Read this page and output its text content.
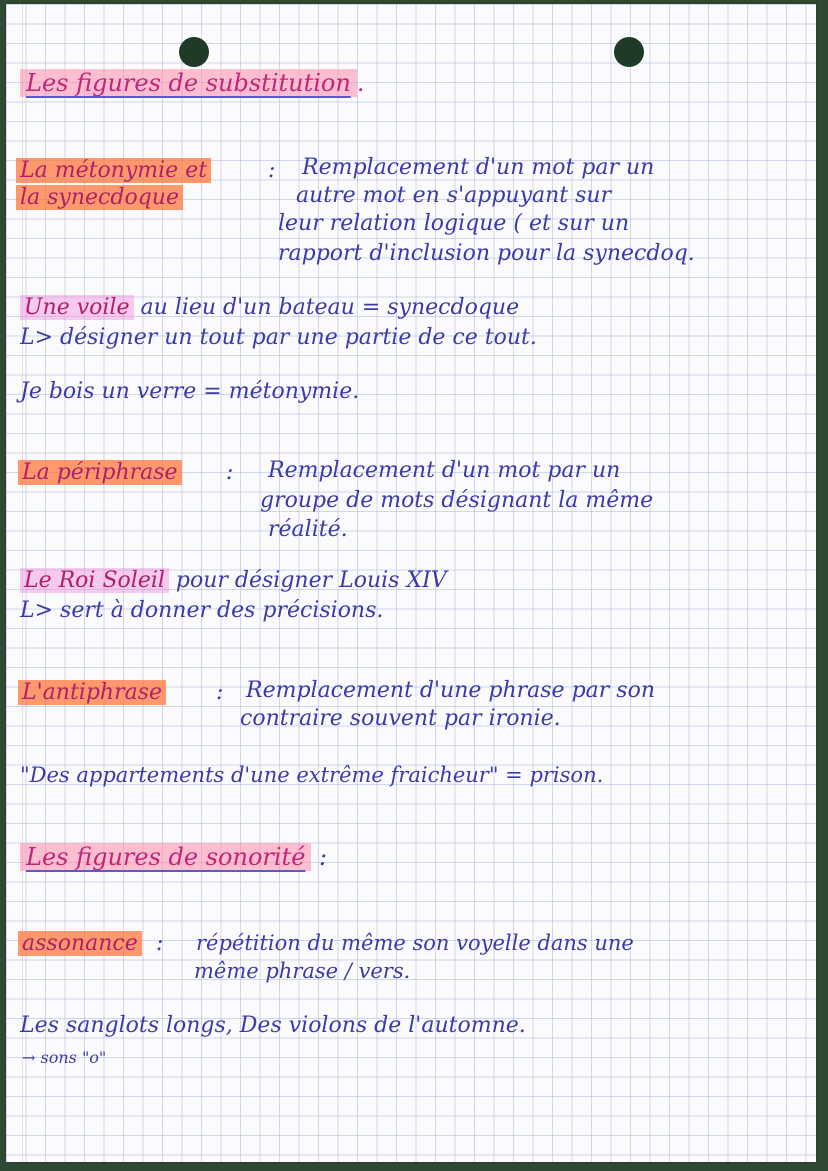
Les figures de substitution .
La métonymie et
la synecdoque
: Remplacement d'un mot par un
autre mot en s'appuyant sur
leur relation logique ( et sur un
rapport d'inclusion pour la synecdoq.
Une voile au lieu d'un bateau = synecdoque
L> désigner un tout par une partie de ce tout.
Je bois un verre = métonymie.
La périphrase : Remplacement d'un mot par un
groupe de mots désignant la même
réalité.
Le Roi Soleil pour désigner Louis XIV
L> sert à donner des précisions.
L'antiphrase : Remplacement d'une phrase par son
contraire souvent par ironie.
"Des appartements d'une extrême fraicheur" = prison.
Les figures de sonorité :
assonance : répétition du même son voyelle dans une
même phrase / vers.
Les sanglots longs, Des violons de l'automne.
→ sons "o"
